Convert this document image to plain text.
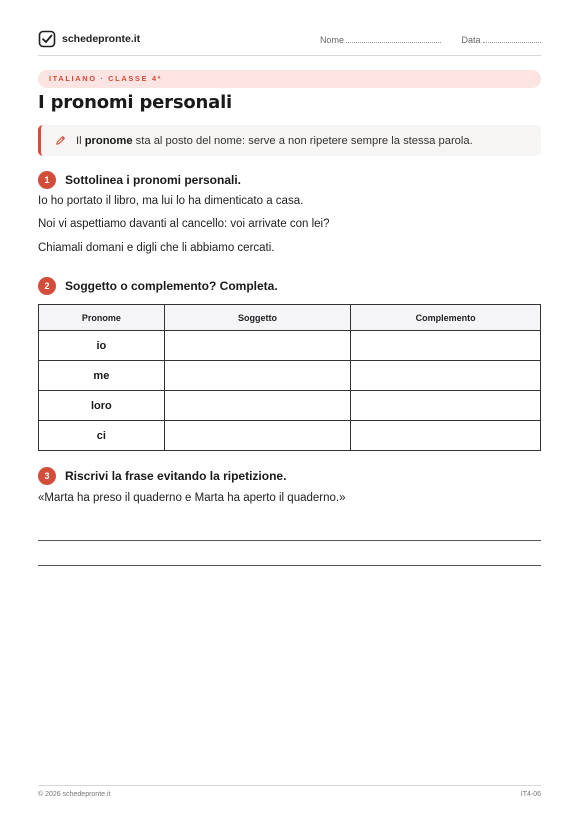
schedepronte.it	Nome	Data
ITALIANO · CLASSE 4ª
I pronomi personali
Il pronome sta al posto del nome: serve a non ripetere sempre la stessa parola.
1	Sottolinea i pronomi personali.
Io ho portato il libro, ma lui lo ha dimenticato a casa.
Noi vi aspettiamo davanti al cancello: voi arrivate con lei?
Chiamali domani e digli che li abbiamo cercati.
2	Soggetto o complemento? Completa.
Pronome	Soggetto	Complemento
io		
me		
loro		
ci		
3	Riscrivi la frase evitando la ripetizione.
«Marta ha preso il quaderno e Marta ha aperto il quaderno.»
© 2026 schedepronte.it	IT4-06
